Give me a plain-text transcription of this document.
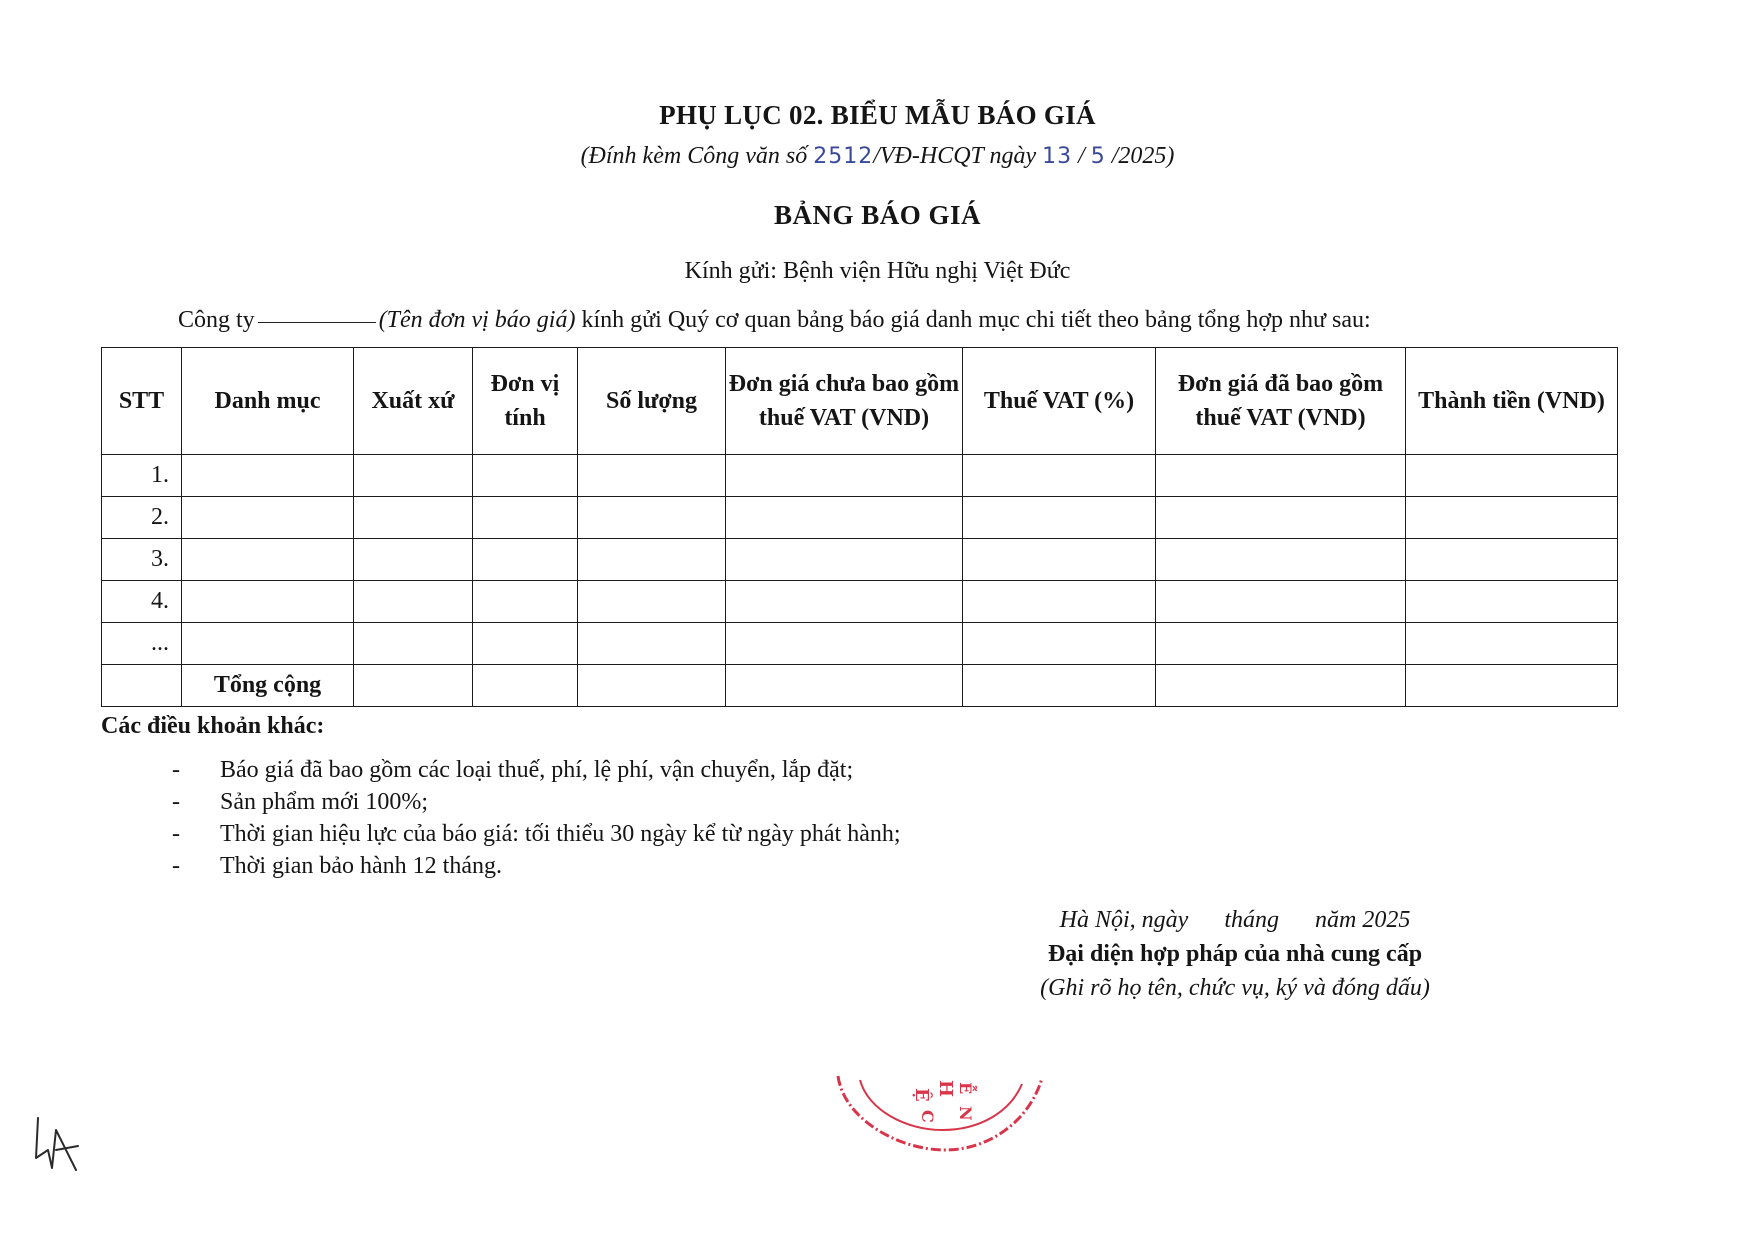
PHỤ LỤC 02. BIỂU MẪU BÁO GIÁ
(Đính kèm Công văn số 2512/VĐ-HCQT ngày 13 / 5 /2025)
BẢNG BÁO GIÁ
Kính gửi: Bệnh viện Hữu nghị Việt Đức
Công ty	(Tên đơn vị báo giá) kính gửi Quý cơ quan bảng báo giá danh mục chi tiết theo bảng tổng hợp như sau:
STT	Danh mục	Xuất xứ	Đơn vị tính	Số lượng	Đơn giá chưa bao gồm thuế VAT (VND)	Thuế VAT (%)	Đơn giá đã bao gồm thuế VAT (VND)	Thành tiền (VND)
1.								
2.								
3.								
4.								
...								
	Tổng cộng							
Các điều khoản khác:
- Báo giá đã bao gồm các loại thuế, phí, lệ phí, vận chuyển, lắp đặt;
- Sản phẩm mới 100%;
- Thời gian hiệu lực của báo giá: tối thiểu 30 ngày kể từ ngày phát hành;
- Thời gian bảo hành 12 tháng.
Hà Nội, ngày      tháng      năm 2025
Đại diện hợp pháp của nhà cung cấp
(Ghi rõ họ tên, chức vụ, ký và đóng dấu)
Ệ H Ễ
N
C
